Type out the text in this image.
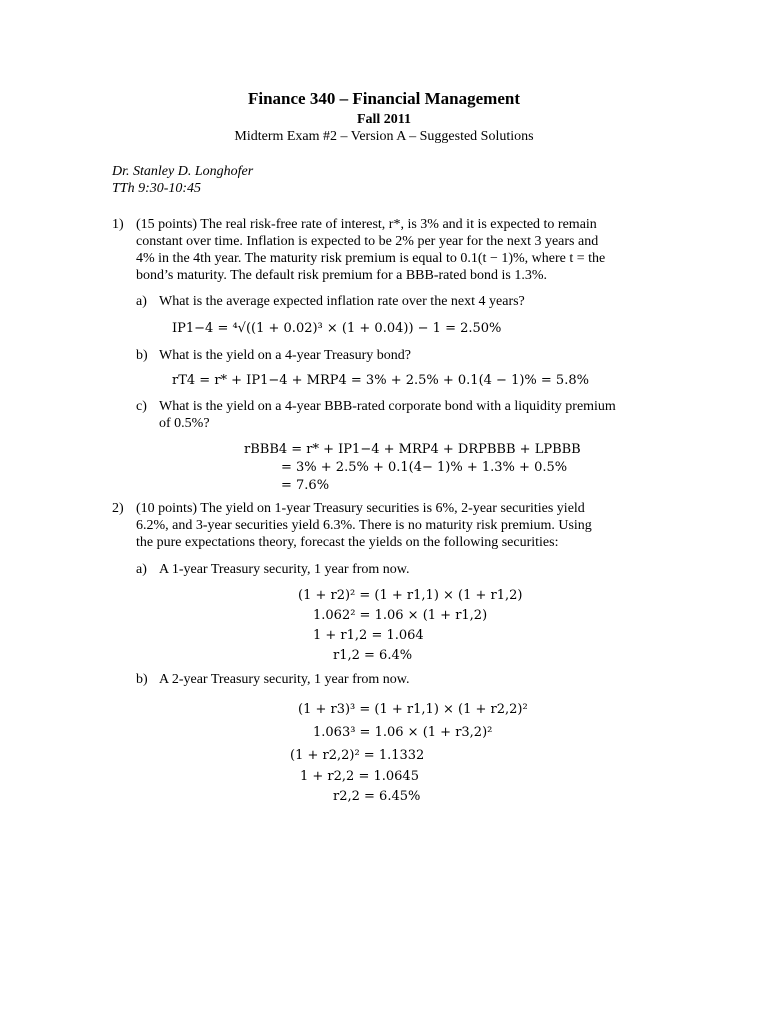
Finance 340 – Financial Management
Fall 2011
Midterm Exam #2 – Version A – Suggested Solutions
Dr. Stanley D. Longhofer
TTh 9:30-10:45
1) (15 points) The real risk-free rate of interest, r*, is 3% and it is expected to remain
constant over time. Inflation is expected to be 2% per year for the next 3 years and
4% in the 4th year. The maturity risk premium is equal to 0.1(t − 1)%, where t = the
bond’s maturity. The default risk premium for a BBB-rated bond is 1.3%.
a) What is the average expected inflation rate over the next 4 years?
IP1−4 = ⁴√((1 + 0.02)³ × (1 + 0.04)) − 1 = 2.50%
b) What is the yield on a 4-year Treasury bond?
rT4 = r* + IP1−4 + MRP4 = 3% + 2.5% + 0.1(4 − 1)% = 5.8%
c) What is the yield on a 4-year BBB-rated corporate bond with a liquidity premium
of 0.5%?
rBBB4 = r* + IP1−4 + MRP4 + DRPBBB + LPBBB
= 3% + 2.5% + 0.1(4− 1)% + 1.3% + 0.5%
= 7.6%
2) (10 points) The yield on 1-year Treasury securities is 6%, 2-year securities yield
6.2%, and 3-year securities yield 6.3%. There is no maturity risk premium. Using
the pure expectations theory, forecast the yields on the following securities:
a) A 1-year Treasury security, 1 year from now.
(1 + r2)² = (1 + r1,1) × (1 + r1,2)
1.062² = 1.06 × (1 + r1,2)
1 + r1,2 = 1.064
r1,2 = 6.4%
b) A 2-year Treasury security, 1 year from now.
(1 + r3)³ = (1 + r1,1) × (1 + r2,2)²
1.063³ = 1.06 × (1 + r3,2)²
(1 + r2,2)² = 1.1332
1 + r2,2 = 1.0645
r2,2 = 6.45%
